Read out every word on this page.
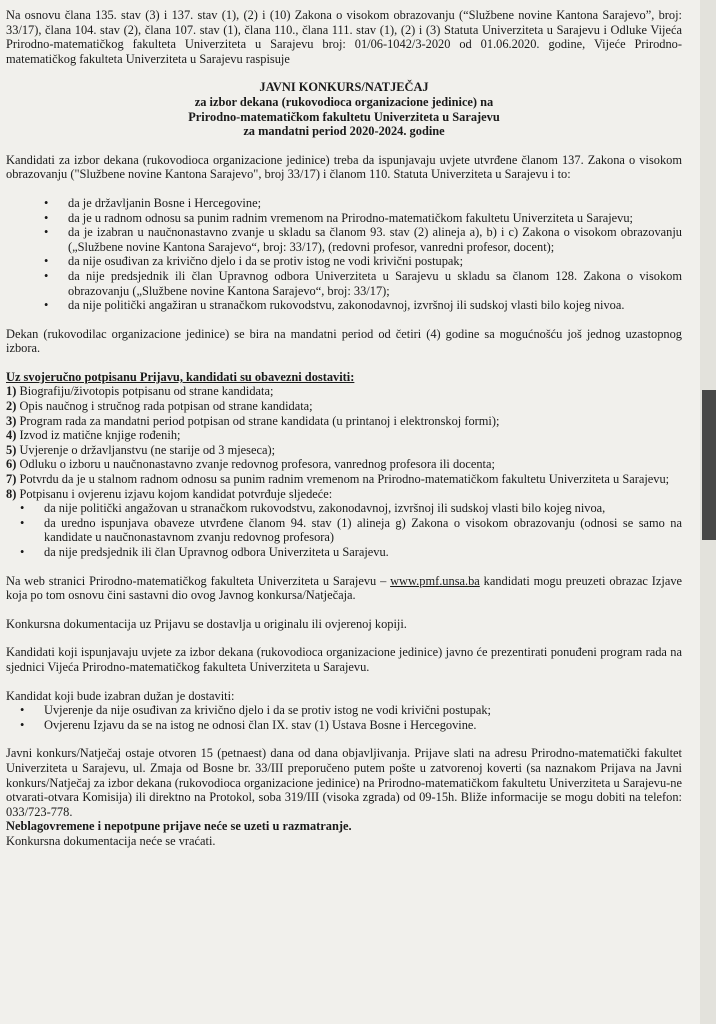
Na osnovu člana 135. stav (3) i 137. stav (1), (2) i (10) Zakona o visokom obrazovanju (“Službene novine Kantona Sarajevo”, broj: 33/17), člana 104. stav (2), člana 107. stav (1), člana 110., člana 111. stav (1), (2) i (3) Statuta Univerziteta u Sarajevu i Odluke Vijeća Prirodno-matematičkog fakulteta Univerziteta u Sarajevu broj: 01/06-1042/3-2020 od 01.06.2020. godine, Vijeće Prirodno-matematičkog fakulteta Univerziteta u Sarajevu raspisuje

JAVNI KONKURS/NATJEČAJ

za izbor dekana (rukovodioca organizacione jedinice) na

Prirodno-matematičkom fakultetu Univerziteta u Sarajevu

za mandatni period 2020-2024. godine

Kandidati za izbor dekana (rukovodioca organizacione jedinice) treba da ispunjavaju uvjete utvrđene članom 137. Zakona o visokom obrazovanju ("Službene novine Kantona Sarajevo", broj 33/17) i članom 110. Statuta Univerziteta u Sarajevu i to:

• da je državljanin Bosne i Hercegovine;
• da je u radnom odnosu sa punim radnim vremenom na Prirodno-matematičkom fakultetu Univerziteta u Sarajevu;
• da je izabran u naučnonastavno zvanje u skladu sa članom 93. stav (2) alineja a), b) i c) Zakona o visokom obrazovanju („Službene novine Kantona Sarajevo“, broj: 33/17), (redovni profesor, vanredni profesor, docent);
• da nije osuđivan za krivično djelo i da se protiv istog ne vodi krivični postupak;
• da nije predsjednik ili član Upravnog odbora Univerziteta u Sarajevu u skladu sa članom 128. Zakona o visokom obrazovanju („Službene novine Kantona Sarajevo“, broj: 33/17);
• da nije politički angažiran u stranačkom rukovodstvu, zakonodavnoj, izvršnoj ili sudskoj vlasti bilo kojeg nivoa.

Dekan (rukovodilac organizacione jedinice) se bira na mandatni period od četiri (4) godine sa mogućnošću još jednog uzastopnog izbora.

Uz svojeručno potpisanu Prijavu, kandidati su obavezni dostaviti:

1) Biografiju/životopis potpisanu od strane kandidata;
2) Opis naučnog i stručnog rada potpisan od strane kandidata;
3) Program rada za mandatni period potpisan od strane kandidata (u printanoj i elektronskoj formi);
4) Izvod iz matične knjige rođenih;
5) Uvjerenje o državljanstvu (ne starije od 3 mjeseca);
6) Odluku o izboru u naučnonastavno zvanje redovnog profesora, vanrednog profesora ili docenta;
7) Potvrdu da je u stalnom radnom odnosu sa punim radnim vremenom na Prirodno-matematičkom fakultetu Univerziteta u Sarajevu;
8) Potpisanu i ovjerenu izjavu kojom kandidat potvrđuje sljedeće:
• da nije politički angažovan u stranačkom rukovodstvu, zakonodavnoj, izvršnoj ili sudskoj vlasti bilo kojeg nivoa,
• da uredno ispunjava obaveze utvrđene članom 94. stav (1) alineja g) Zakona o visokom obrazovanju (odnosi se samo na kandidate u naučnonastavnom zvanju redovnog profesora)
• da nije predsjednik ili član Upravnog odbora Univerziteta u Sarajevu.

Na web stranici Prirodno-matematičkog fakulteta Univerziteta u Sarajevu – www.pmf.unsa.ba kandidati mogu preuzeti obrazac Izjave koja po tom osnovu čini sastavni dio ovog Javnog konkursa/Natječaja.

Konkursna dokumentacija uz Prijavu se dostavlja u originalu ili ovjerenoj kopiji.

Kandidati koji ispunjavaju uvjete za izbor dekana (rukovodioca organizacione jedinice) javno će prezentirati ponuđeni program rada na sjednici Vijeća Prirodno-matematičkog fakulteta Univerziteta u Sarajevu.

Kandidat koji bude izabran dužan je dostaviti:

• Uvjerenje da nije osuđivan za krivično djelo i da se protiv istog ne vodi krivični postupak;
• Ovjerenu Izjavu da se na istog ne odnosi član IX. stav (1) Ustava Bosne i Hercegovine.

Javni konkurs/Natječaj ostaje otvoren 15 (petnaest) dana od dana objavljivanja. Prijave slati na adresu Prirodno-matematički fakultet Univerziteta u Sarajevu, ul. Zmaja od Bosne br. 33/III preporučeno putem pošte u zatvorenoj koverti (sa naznakom Prijava na Javni konkurs/Natječaj za izbor dekana (rukovodioca organizacione jedinice) na Prirodno-matematičkom fakultetu Univerziteta u Sarajevu-ne otvarati-otvara Komisija) ili direktno na Protokol, soba 319/III (visoka zgrada) od 09-15h. Bliže informacije se mogu dobiti na telefon: 033/723-778.

Neblagovremene i nepotpune prijave neće se uzeti u razmatranje.

Konkursna dokumentacija neće se vraćati.
